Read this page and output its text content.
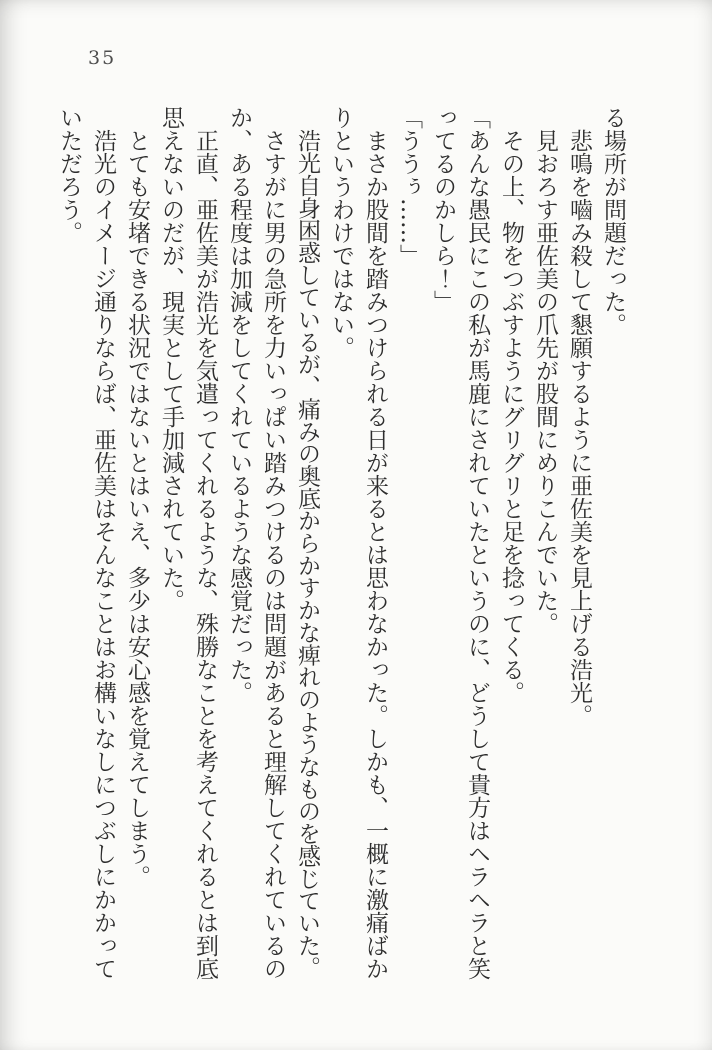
35

る場所が問題だった。

悲鳴を嚙み殺して懇願するように亜佐美を見上げる浩光。

見おろす亜佐美の爪先が股間にめりこんでいた。

その上、物をつぶすようにグリグリと足を捻ってくる。

「あんな愚民にこの私が馬鹿にされていたというのに、どうして貴方はヘラヘラと笑ってるのかしら！」

「ううぅ……」

まさか股間を踏みつけられる日が来るとは思わなかった。しかも、一概に激痛ばかりというわけではない。

浩光自身困惑しているが、痛みの奥底からかすかな痺れのようなものを感じていた。

さすがに男の急所を力いっぱい踏みつけるのは問題があると理解してくれているのか、ある程度は加減をしてくれているような感覚だった。

正直、亜佐美が浩光を気遣ってくれるような、殊勝なことを考えてくれるとは到底思えないのだが、現実として手加減されていた。

とても安堵できる状況ではないとはいえ、多少は安心感を覚えてしまう。

浩光のイメージ通りならば、亜佐美はそんなことはお構いなしにつぶしにかかっていただろう。
